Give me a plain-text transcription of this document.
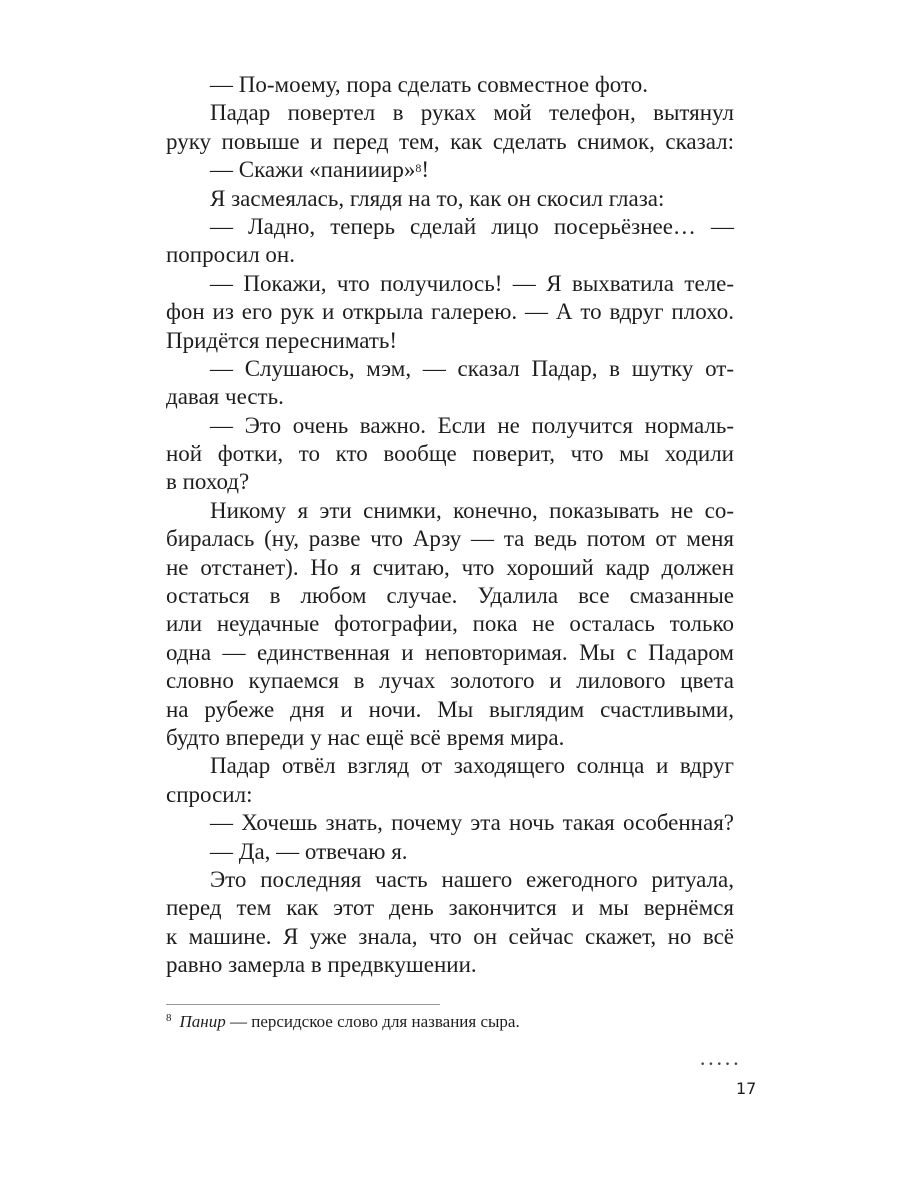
— По-моему, пора сделать совместное фото.
Падар повертел в руках мой телефон, вытянул
руку повыше и перед тем, как сделать снимок, сказал:
— Скажи «панииир»$^8$!
Я засмеялась, глядя на то, как он скосил глаза:
— Ладно, теперь сделай лицо посерьёзнее… —
попросил он.
— Покажи, что получилось! — Я выхватила теле-
фон из его рук и открыла галерею. — А то вдруг плохо.
Придётся переснимать!
— Слушаюсь, мэм, — сказал Падар, в шутку от-
давая честь.
— Это очень важно. Если не получится нормаль-
ной фотки, то кто вообще поверит, что мы ходили
в поход?
Никому я эти снимки, конечно, показывать не со-
биралась (ну, разве что Арзу — та ведь потом от меня
не отстанет). Но я считаю, что хороший кадр должен
остаться в любом случае. Удалила все смазанные
или неудачные фотографии, пока не осталась только
одна — единственная и неповторимая. Мы с Падаром
словно купаемся в лучах золотого и лилового цвета
на рубеже дня и ночи. Мы выглядим счастливыми,
будто впереди у нас ещё всё время мира.
Падар отвёл взгляд от заходящего солнца и вдруг
спросил:
— Хочешь знать, почему эта ночь такая особенная?
— Да, — отвечаю я.
Это последняя часть нашего ежегодного ритуала,
перед тем как этот день закончится и мы вернёмся
к машине. Я уже знала, что он сейчас скажет, но всё
равно замерла в предвкушении.
$^8$ Панир — персидское слово для названия сыра.
•••••
17
